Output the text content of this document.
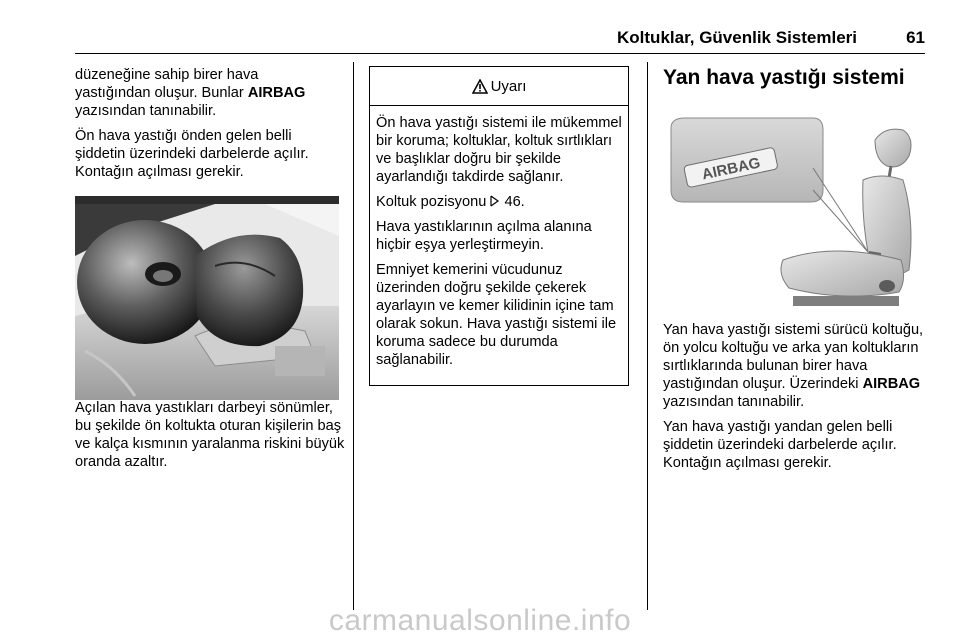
Koltuklar, Güvenlik Sistemleri	61

düzeneğine sahip birer hava
yastığından oluşur. Bunlar AIRBAG
yazısından tanınabilir.

Ön hava yastığı önden gelen belli şiddetin üzerindeki darbelerde açılır. Kontağın açılması gerekir.

Açılan hava yastıkları darbeyi sönümler, bu şekilde ön koltukta oturan kişilerin baş ve kalça kısmının yaralanma riskini büyük oranda azaltır.
Uyarı

Ön hava yastığı sistemi ile mükemmel bir koruma; koltuklar, koltuk sırtlıkları ve başlıklar doğru bir şekilde ayarlandığı takdirde sağlanır.

Koltuk pozisyonu  46.

Hava yastıklarının açılma alanına hiçbir eşya yerleştirmeyin.

Emniyet kemerini vücudunuz üzerinden doğru şekilde çekerek ayarlayın ve kemer kilidinin içine tam olarak sokun. Hava yastığı sistemi ile koruma sadece bu durumda sağlanabilir.

Yan hava yastığı sistemi
AIRBAG

Yan hava yastığı sistemi sürücü koltuğu, ön yolcu koltuğu ve arka yan koltukların sırtlıklarında bulunan birer hava yastığından oluşur. Üzerindeki AIRBAG yazısından tanınabilir.

Yan hava yastığı yandan gelen belli şiddetin üzerindeki darbelerde açılır. Kontağın açılması gerekir.

carmanualsonline.info
